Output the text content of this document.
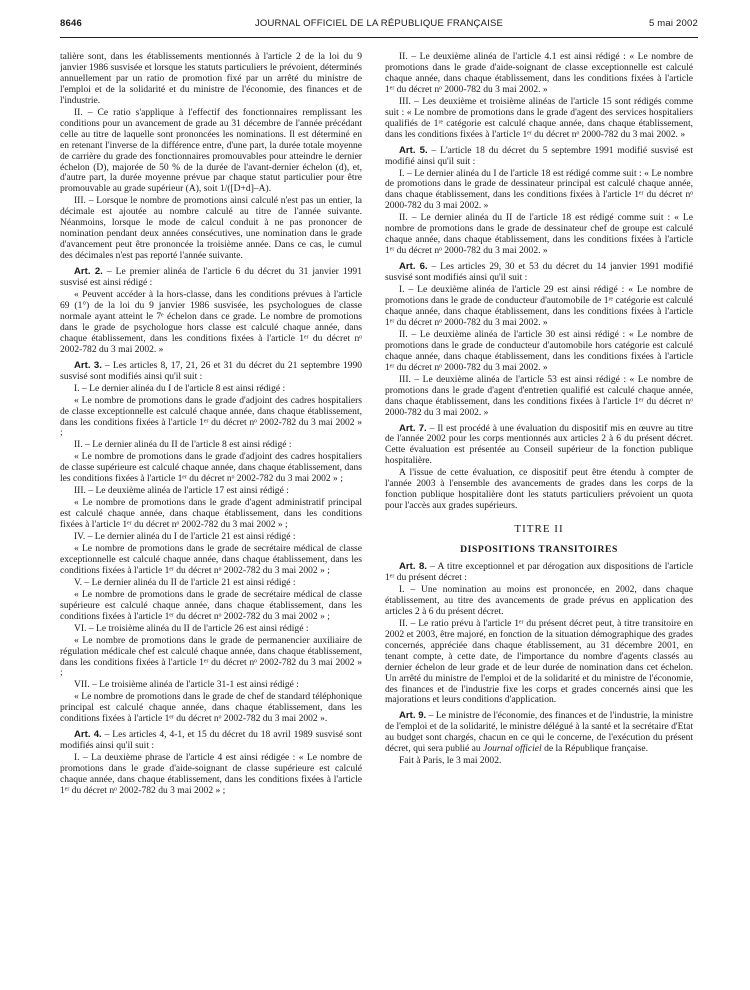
JOURNAL OFFICIEL DE LA RÉPUBLIQUE FRANÇAISE
8646	5 mai 2002

talière sont, dans les établissements mentionnés à l'article 2 de la loi du 9 janvier 1986 susvisée et lorsque les statuts particuliers le prévoient, déterminés annuellement par un ratio de promotion fixé par un arrêté du ministre de l'emploi et de la solidarité et du ministre de l'économie, des finances et de l'industrie.

II. – Ce ratio s'applique à l'effectif des fonctionnaires remplissant les conditions pour un avancement de grade au 31 décembre de l'année précédant celle au titre de laquelle sont prononcées les nominations. Il est déterminé en en retenant l'inverse de la différence entre, d'une part, la durée totale moyenne de carrière du grade des fonctionnaires promouvables pour atteindre le dernier échelon (D), majorée de 50 % de la durée de l'avant-dernier échelon (d), et, d'autre part, la durée moyenne prévue par chaque statut particulier pour être promouvable au grade supérieur (A), soit 1/([D+d]–A).

III. – Lorsque le nombre de promotions ainsi calculé n'est pas un entier, la décimale est ajoutée au nombre calculé au titre de l'année suivante. Néanmoins, lorsque le mode de calcul conduit à ne pas prononcer de nomination pendant deux années consécutives, une nomination dans le grade d'avancement peut être prononcée la troisième année. Dans ce cas, le cumul des décimales n'est pas reporté l'année suivante.

Art. 2. – Le premier alinéa de l'article 6 du décret du 31 janvier 1991 susvisé est ainsi rédigé :

« Peuvent accéder à la hors-classe, dans les conditions prévues à l'article 69 (1°) de la loi du 9 janvier 1986 susvisée, les psychologues de classe normale ayant atteint le 7ᵉ échelon dans ce grade. Le nombre de promotions dans le grade de psychologue hors classe est calculé chaque année, dans chaque établissement, dans les conditions fixées à l'article 1ᵉʳ du décret nᵒ 2002-782 du 3 mai 2002. »

Art. 3. – Les articles 8, 17, 21, 26 et 31 du décret du 21 septembre 1990 susvisé sont modifiés ainsi qu'il suit :

I. – Le dernier alinéa du I de l'article 8 est ainsi rédigé :

« Le nombre de promotions dans le grade d'adjoint des cadres hospitaliers de classe exceptionnelle est calculé chaque année, dans chaque établissement, dans les conditions fixées à l'article 1ᵉʳ du décret nᵒ 2002-782 du 3 mai 2002 » ;

II. – Le dernier alinéa du II de l'article 8 est ainsi rédigé :

« Le nombre de promotions dans le grade d'adjoint des cadres hospitaliers de classe supérieure est calculé chaque année, dans chaque établissement, dans les conditions fixées à l'article 1ᵉʳ du décret nᵒ 2002-782 du 3 mai 2002 » ;

III. – Le deuxième alinéa de l'article 17 est ainsi rédigé :

« Le nombre de promotions dans le grade d'agent administratif principal est calculé chaque année, dans chaque établissement, dans les conditions fixées à l'article 1ᵉʳ du décret nᵒ 2002-782 du 3 mai 2002 » ;

IV. – Le dernier alinéa du I de l'article 21 est ainsi rédigé :

« Le nombre de promotions dans le grade de secrétaire médical de classe exceptionnelle est calculé chaque année, dans chaque établissement, dans les conditions fixées à l'article 1ᵉʳ du décret nᵒ 2002-782 du 3 mai 2002 » ;

V. – Le dernier alinéa du II de l'article 21 est ainsi rédigé :

« Le nombre de promotions dans le grade de secrétaire médical de classe supérieure est calculé chaque année, dans chaque établissement, dans les conditions fixées à l'article 1ᵉʳ du décret nᵒ 2002-782 du 3 mai 2002 » ;

VI. – Le troisième alinéa du II de l'article 26 est ainsi rédigé :

« Le nombre de promotions dans le grade de permanencier auxiliaire de régulation médicale chef est calculé chaque année, dans chaque établissement, dans les conditions fixées à l'article 1ᵉʳ du décret nᵒ 2002-782 du 3 mai 2002 » ;

VII. – Le troisième alinéa de l'article 31-1 est ainsi rédigé :

« Le nombre de promotions dans le grade de chef de standard téléphonique principal est calculé chaque année, dans chaque établissement, dans les conditions fixées à l'article 1ᵉʳ du décret nᵒ 2002-782 du 3 mai 2002 ».

Art. 4. – Les articles 4, 4-1, et 15 du décret du 18 avril 1989 susvisé sont modifiés ainsi qu'il suit :

I. – La deuxième phrase de l'article 4 est ainsi rédigée : « Le nombre de promotions dans le grade d'aide-soignant de classe supérieure est calculé chaque année, dans chaque établissement, dans les conditions fixées à l'article 1ᵉʳ du décret nᵒ 2002-782 du 3 mai 2002 » ;

II. – Le deuxième alinéa de l'article 4.1 est ainsi rédigé : « Le nombre de promotions dans le grade d'aide-soignant de classe exceptionnelle est calculé chaque année, dans chaque établissement, dans les conditions fixées à l'article 1ᵉʳ du décret nᵒ 2000-782 du 3 mai 2002. »

III. – Les deuxième et troisième alinéas de l'article 15 sont rédigés comme suit : « Le nombre de promotions dans le grade d'agent des services hospitaliers qualifiés de 1ʳᵉ catégorie est calculé chaque année, dans chaque établissement, dans les conditions fixées à l'article 1ᵉʳ du décret nᵒ 2000-782 du 3 mai 2002. »

Art. 5. – L'article 18 du décret du 5 septembre 1991 modifié susvisé est modifié ainsi qu'il suit :

I. – Le dernier alinéa du I de l'article 18 est rédigé comme suit : « Le nombre de promotions dans le grade de dessinateur principal est calculé chaque année, dans chaque établissement, dans les conditions fixées à l'article 1ᵉʳ du décret nᵒ 2000-782 du 3 mai 2002. »

II. – Le dernier alinéa du II de l'article 18 est rédigé comme suit : « Le nombre de promotions dans le grade de dessinateur chef de groupe est calculé chaque année, dans chaque établissement, dans les conditions fixées à l'article 1ᵉʳ du décret nᵒ 2000-782 du 3 mai 2002. »

Art. 6. – Les articles 29, 30 et 53 du décret du 14 janvier 1991 modifié susvisé sont modifiés ainsi qu'il suit :

I. – Le deuxième alinéa de l'article 29 est ainsi rédigé : « Le nombre de promotions dans le grade de conducteur d'automobile de 1ʳᵉ catégorie est calculé chaque année, dans chaque établissement, dans les conditions fixées à l'article 1ᵉʳ du décret nᵒ 2000-782 du 3 mai 2002. »

II. – Le deuxième alinéa de l'article 30 est ainsi rédigé : « Le nombre de promotions dans le grade de conducteur d'automobile hors catégorie est calculé chaque année, dans chaque établissement, dans les conditions fixées à l'article 1ᵉʳ du décret nᵒ 2000-782 du 3 mai 2002. »

III. – Le deuxième alinéa de l'article 53 est ainsi rédigé : « Le nombre de promotions dans le grade d'agent d'entretien qualifié est calculé chaque année, dans chaque établissement, dans les conditions fixées à l'article 1ᵉʳ du décret nᵒ 2000-782 du 3 mai 2002. »

Art. 7. – Il est procédé à une évaluation du dispositif mis en œuvre au titre de l'année 2002 pour les corps mentionnés aux articles 2 à 6 du présent décret. Cette évaluation est présentée au Conseil supérieur de la fonction publique hospitalière.

A l'issue de cette évaluation, ce dispositif peut être étendu à compter de l'année 2003 à l'ensemble des avancements de grades dans les corps de la fonction publique hospitalière dont les statuts particuliers prévoient un quota pour l'accès aux grades supérieurs.

TITRE II
DISPOSITIONS TRANSITOIRES

Art. 8. – A titre exceptionnel et par dérogation aux dispositions de l'article 1ᵉʳ du présent décret :

I. – Une nomination au moins est prononcée, en 2002, dans chaque établissement, au titre des avancements de grade prévus en application des articles 2 à 6 du présent décret.

II. – Le ratio prévu à l'article 1ᵉʳ du présent décret peut, à titre transitoire en 2002 et 2003, être majoré, en fonction de la situation démographique des grades concernés, appréciée dans chaque établissement, au 31 décembre 2001, en tenant compte, à cette date, de l'importance du nombre d'agents classés au dernier échelon de leur grade et de leur durée de nomination dans cet échelon. Un arrêté du ministre de l'emploi et de la solidarité et du ministre de l'économie, des finances et de l'industrie fixe les corps et grades concernés ainsi que les majorations et leurs conditions d'application.

Art. 9. – Le ministre de l'économie, des finances et de l'industrie, la ministre de l'emploi et de la solidarité, le ministre délégué à la santé et la secrétaire d'Etat au budget sont chargés, chacun en ce qui le concerne, de l'exécution du présent décret, qui sera publié au Journal officiel de la République française.

Fait à Paris, le 3 mai 2002.
